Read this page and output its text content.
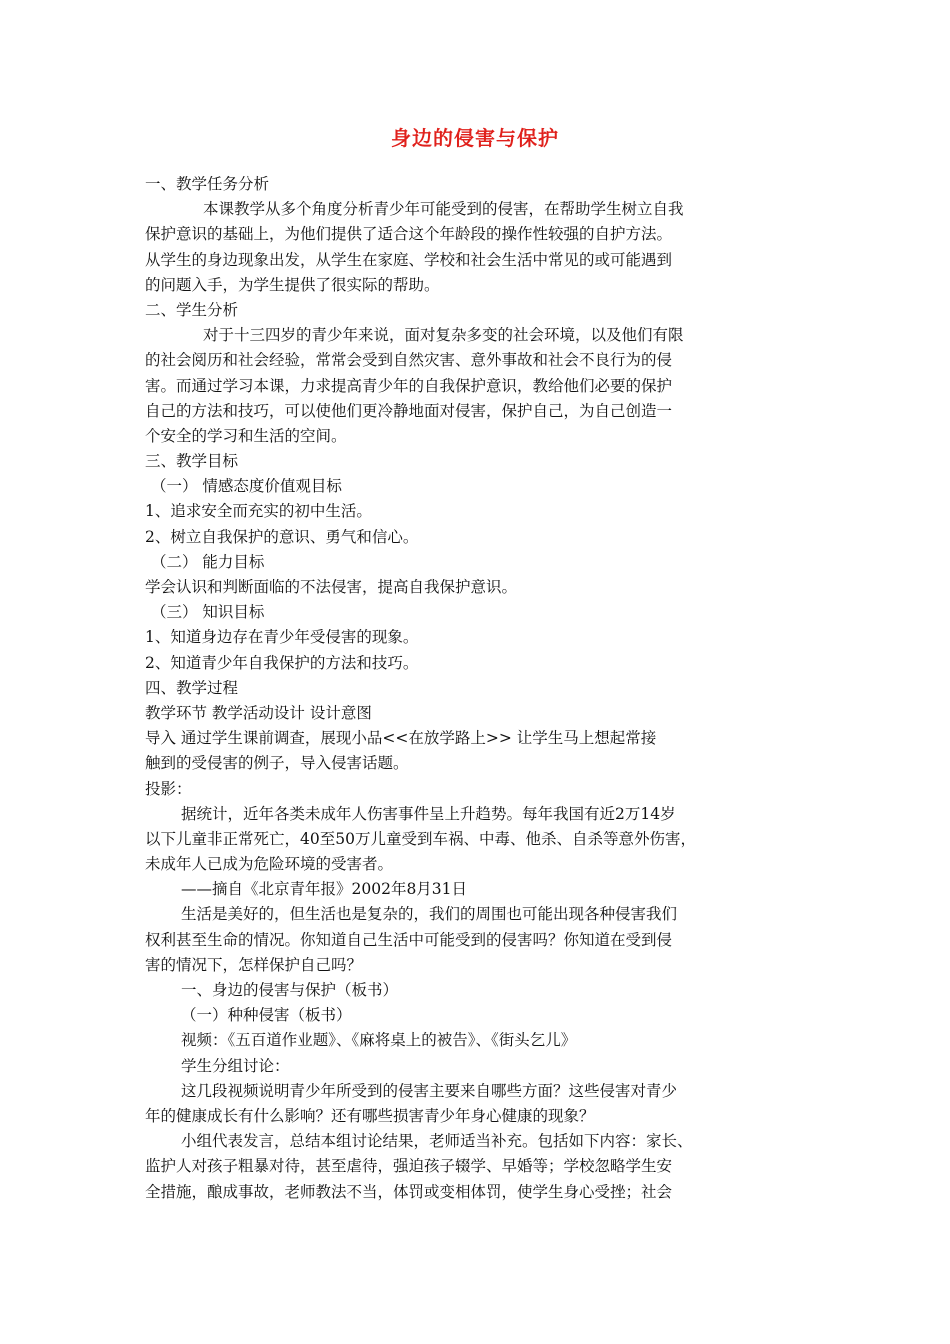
身边的侵害与保护
一、教学任务分析
本课教学从多个角度分析青少年可能受到的侵害，在帮助学生树立自我
保护意识的基础上，为他们提供了适合这个年龄段的操作性较强的自护方法。
从学生的身边现象出发，从学生在家庭、学校和社会生活中常见的或可能遇到
的问题入手，为学生提供了很实际的帮助。
二、学生分析
对于十三四岁的青少年来说，面对复杂多变的社会环境，以及他们有限
的社会阅历和社会经验，常常会受到自然灾害、意外事故和社会不良行为的侵
害。而通过学习本课，力求提高青少年的自我保护意识，教给他们必要的保护
自己的方法和技巧，可以使他们更冷静地面对侵害，保护自己，为自己创造一
个安全的学习和生活的空间。
三、教学目标
（一） 情感态度价值观目标
1、追求安全而充实的初中生活。
2、树立自我保护的意识、勇气和信心。
（二） 能力目标
学会认识和判断面临的不法侵害，提高自我保护意识。
（三） 知识目标
1、知道身边存在青少年受侵害的现象。
2、知道青少年自我保护的方法和技巧。
四、教学过程
教学环节 教学活动设计 设计意图
导入 通过学生课前调查，展现小品<<在放学路上>> 让学生马上想起常接
触到的受侵害的例子，导入侵害话题。
投影：
据统计，近年各类未成年人伤害事件呈上升趋势。每年我国有近2万14岁
以下儿童非正常死亡，40至50万儿童受到车祸、中毒、他杀、自杀等意外伤害，
未成年人已成为危险环境的受害者。
——摘自《北京青年报》2002年8月31日
生活是美好的，但生活也是复杂的，我们的周围也可能出现各种侵害我们
权利甚至生命的情况。你知道自己生活中可能受到的侵害吗？你知道在受到侵
害的情况下，怎样保护自己吗？
一、身边的侵害与保护（板书）
（一）种种侵害（板书）
视频：《五百道作业题》、《麻将桌上的被告》、《街头乞儿》
学生分组讨论：
这几段视频说明青少年所受到的侵害主要来自哪些方面？这些侵害对青少
年的健康成长有什么影响？还有哪些损害青少年身心健康的现象？
小组代表发言，总结本组讨论结果，老师适当补充。包括如下内容：家长、
监护人对孩子粗暴对待，甚至虐待，强迫孩子辍学、早婚等；学校忽略学生安
全措施，酿成事故，老师教法不当，体罚或变相体罚，使学生身心受挫；社会
